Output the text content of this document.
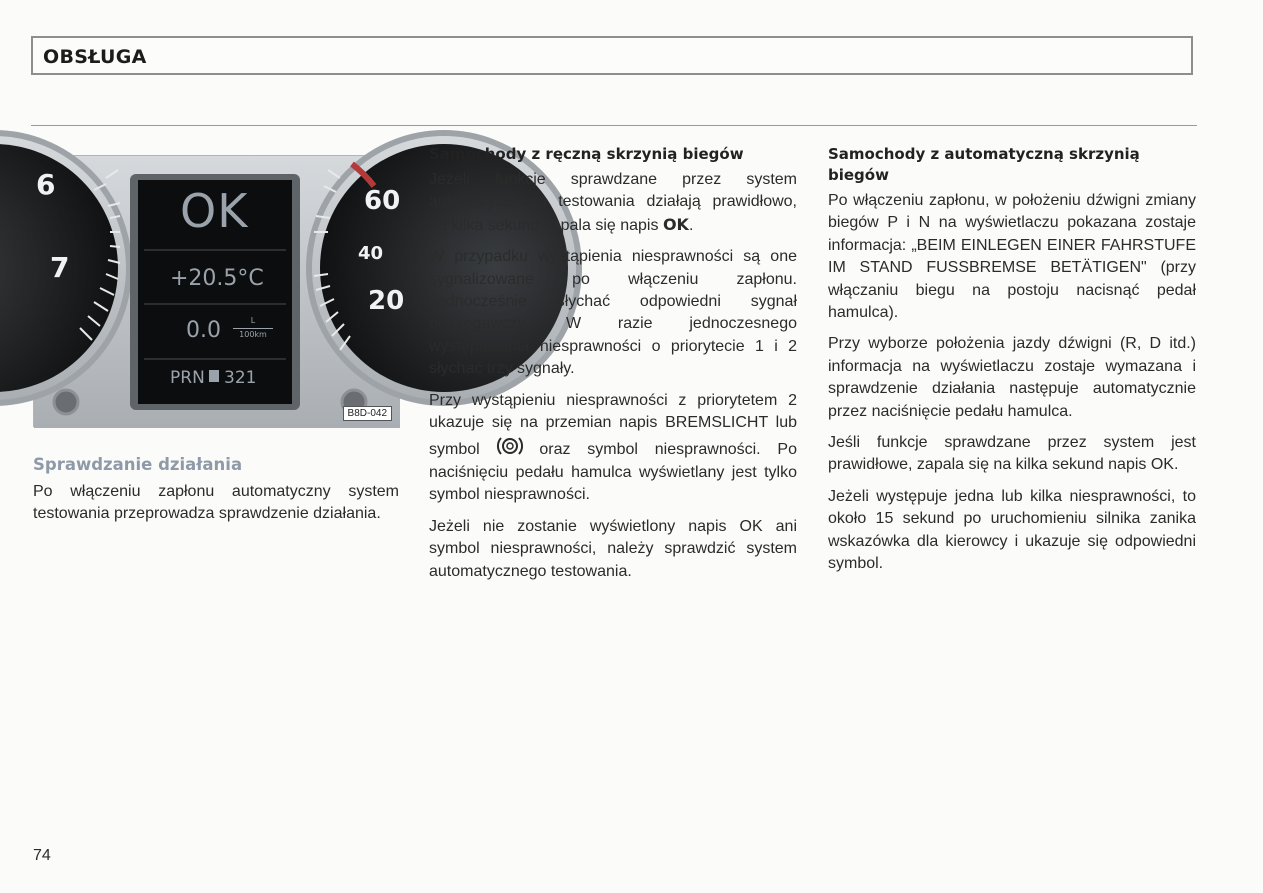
OBSŁUGA
OK
+20.5°C
0.0	L
100km
PRN 321
6
7
60
40
20
B8D-042
Sprawdzanie działania
Po włączeniu zapłonu automatyczny system testowania przeprowadza sprawdzenie działania.
Samochody z ręczną skrzynią biegów

Jeżeli funkcje sprawdzane przez system automatycznego testowania działają prawidłowo, na kilka sekund zapala się napis OK.

W przypadku wystąpienia niesprawności są one sygnalizowane po włączeniu zapłonu. Jednocześnie słychać odpowiedni sygnał ostrzegawczy. W razie jednoczesnego występowania niesprawności o priorytecie 1 i 2 słychać trzy sygnały.

Przy wystąpieniu niesprawności z priorytetem 2 ukazuje się na przemian napis BREMSLICHT lub symbol	oraz symbol niesprawności. Po naciśnięciu pedału hamulca wyświetlany jest tylko symbol niesprawności.

Jeżeli nie zostanie wyświetlony napis OK ani symbol niesprawności, należy sprawdzić system automatycznego testowania.

Samochody z automatyczną skrzynią biegów

Po włączeniu zapłonu, w położeniu dźwigni zmiany biegów P i N na wyświetlaczu pokazana zostaje informacja: „BEIM EINLEGEN EINER FAHRSTUFE IM STAND FUSSBREMSE BETÄTIGEN" (przy włączaniu biegu na postoju nacisnąć pedał hamulca).

Przy wyborze położenia jazdy dźwigni (R, D itd.) informacja na wyświetlaczu zostaje wymazana i sprawdzenie działania następuje automatycznie przez naciśnięcie pedału hamulca.

Jeśli funkcje sprawdzane przez system jest prawidłowe, zapala się na kilka sekund napis OK.

Jeżeli występuje jedna lub kilka niesprawności, to około 15 sekund po uruchomieniu silnika zanika wskazówka dla kierowcy i ukazuje się odpowiedni symbol.

74
